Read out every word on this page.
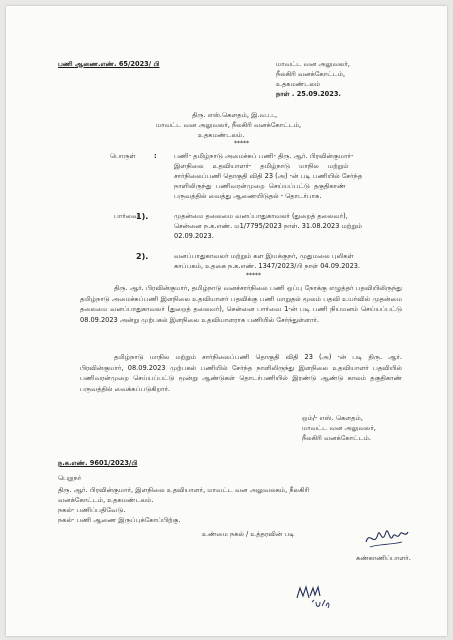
பணி ஆணை.எண். 65/2023/ பி	மாவட்ட வன அலுவலர்,
நீலகிரி வனக்கோட்டம்,
உதகமண்டலம்
நாள் . 25.09.2023.
திரு. எஸ்.கௌதம், இ.வ.ப.,
மாவட்ட வன அலுவலர், நீலகிரி வனக்கோட்டம்,
உதகமண்டலம்.
*****
பொருள்	:	பணி- தமிழ்நாடு அமைச்சுப் பணி- திரு. ஆர். பிரவின்குமார்-
இளநிலை உதவியாளர்- தமிழ்நாடு மாநில மற்றும்
சார்நிலைப்பணி தொகுதி விதி 23 (அ) -ன் படி பணியில் சேர்ந்த
நாளிலிருந்து பணிவரன்முறை செய்யப்பட்டு தகுதிகாண்
பருவத்தில் வைத்து ஆணையிடுதல் - தொடர்பாக.
பார்வை
1).	முதன்மை தலைமை வனப்பாதுகாவலர் (துறைத் தலைவர்),
சென்னை ந.க.எண். ம1/7795/2023 நாள். 31.08.2023 மற்றும்
02.09.2023.
2).	வனப்பாதுகாவலர் மற்றும் கள இயக்குநர், முதுமலை புலிகள்
காப்பகம், உதகை ந.க.எண். 1347/2023/பி நாள் 04.09.2023.
*****
திரு. ஆர். பிரவின்குமார், தமிழ்நாடு வனச்சார்நிலை பணி ஒப்பு நோக்கு எழுத்தர் பதவியிலிருந்து தமிழ்நாடு அமைச்சுப்பணி இளநிலை உதவியாளர் பதவிக்கு பணி மாறுதல் மூலம் பதவி உயர்வில் முதன்மை தலைமை வனப்பாதுகாவலர் (துறைத் தலைவர்), சென்னை பார்வை 1-ன் படி பணி நியமனம் செய்யப்பட்டு 08.09.2023 அன்று முற்பகல் இளநிலை உதவியாளராக பணியில் சேர்ந்துள்ளார்.
தமிழ்நாடு மாநில மற்றும் சார்நிலைப்பணி தொகுதி விதி 23 (அ) -ன் படி திரு. ஆர். பிரவின்குமார், 08.09.2023 முற்பகல் பணியில் சேர்ந்த நாளிலிருந்து இளநிலை உதவியாளர் பதவியில் பணிவரன்முறை செய்யப்பட்டு மூன்று ஆண்டுகள் தொடர்பணியில் இரண்டு ஆண்டு காலம் தகுதிகாண் பருவத்தில் வைக்கப்படுகிறார்.
ஒம்/- எஸ். கௌதம்,
மாவட்ட வன அலுவலர்,
நீலகிரி வனக்கோட்டம்.
ந.க.எண். 9601/2023/பி
பெறுநர்
திரு. ஆர். பிரவின்குமார், இளநிலை உதவியாளர், மாவட்ட வன அலுவலகம், நீலகிரி
வனக்கோட்டம், உதகமண்டலம்.
நகல்- பணிப்பதிவேடு.
நகல்- பணி ஆணை இருப்புக்கோப்பிற்கு.
உண்மை நகல் / உத்தரவின் படி
கண்காணிப்பாளர்.
